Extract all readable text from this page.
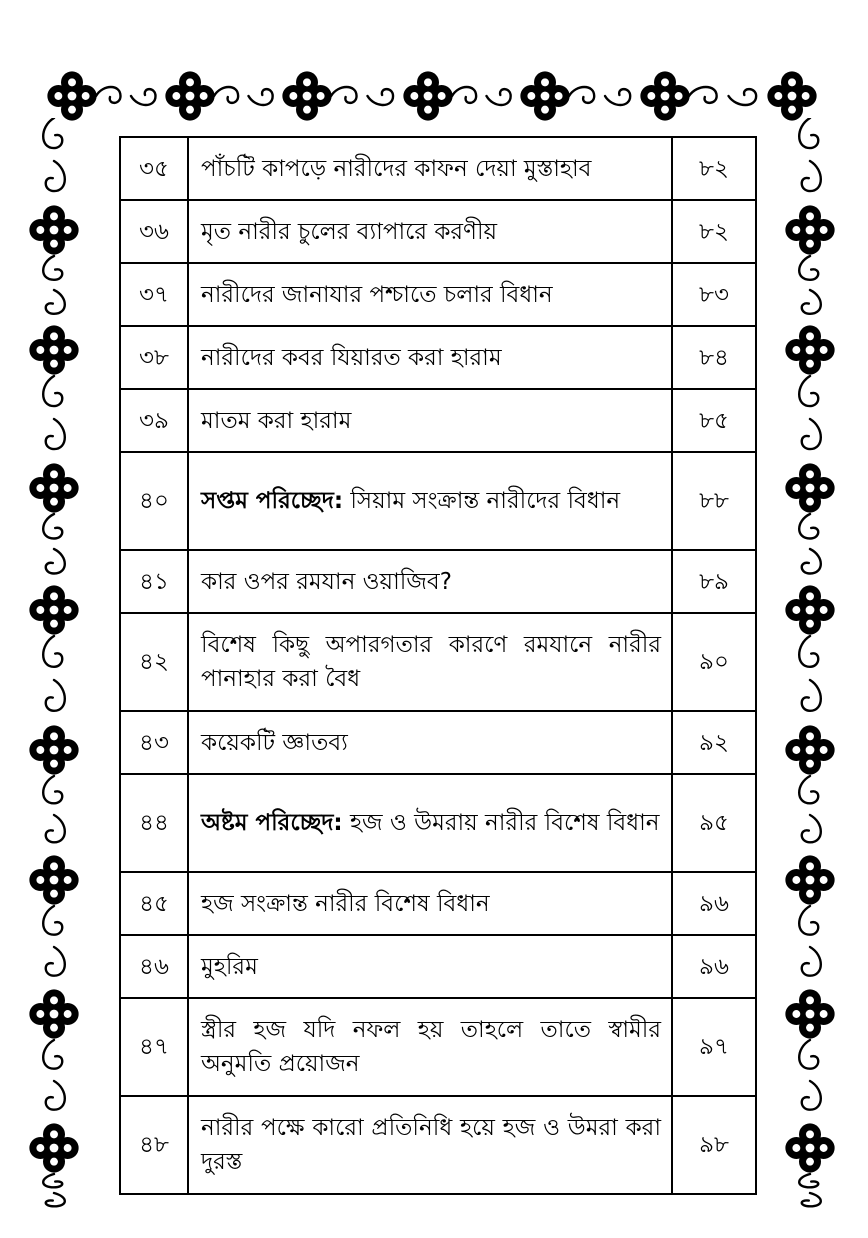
৩৫	পাঁচটি কাপড়ে নারীদের কাফন দেয়া মুস্তাহাব	৮২
৩৬	মৃত নারীর চুলের ব্যাপারে করণীয়	৮২
৩৭	নারীদের জানাযার পশ্চাতে চলার বিধান	৮৩
৩৮	নারীদের কবর যিয়ারত করা হারাম	৮৪
৩৯	মাতম করা হারাম	৮৫
৪০	সপ্তম পরিচ্ছেদ: সিয়াম সংক্রান্ত নারীদের বিধান	৮৮
৪১	কার ওপর রমযান ওয়াজিব?	৮৯
৪২	বিশেষ কিছু অপারগতার কারণে রমযানে নারীর পানাহার করা বৈধ	৯০
৪৩	কয়েকটি জ্ঞাতব্য	৯২
৪৪	অষ্টম পরিচ্ছেদ: হজ ও উমরায় নারীর বিশেষ বিধান	৯৫
৪৫	হজ সংক্রান্ত নারীর বিশেষ বিধান	৯৬
৪৬	মুহরিম	৯৬
৪৭	স্ত্রীর হজ যদি নফল হয় তাহলে তাতে স্বামীর অনুমতি প্রয়োজন	৯৭
৪৮	নারীর পক্ষে কারো প্রতিনিধি হয়ে হজ ও উমরা করা দুরস্ত	৯৮
